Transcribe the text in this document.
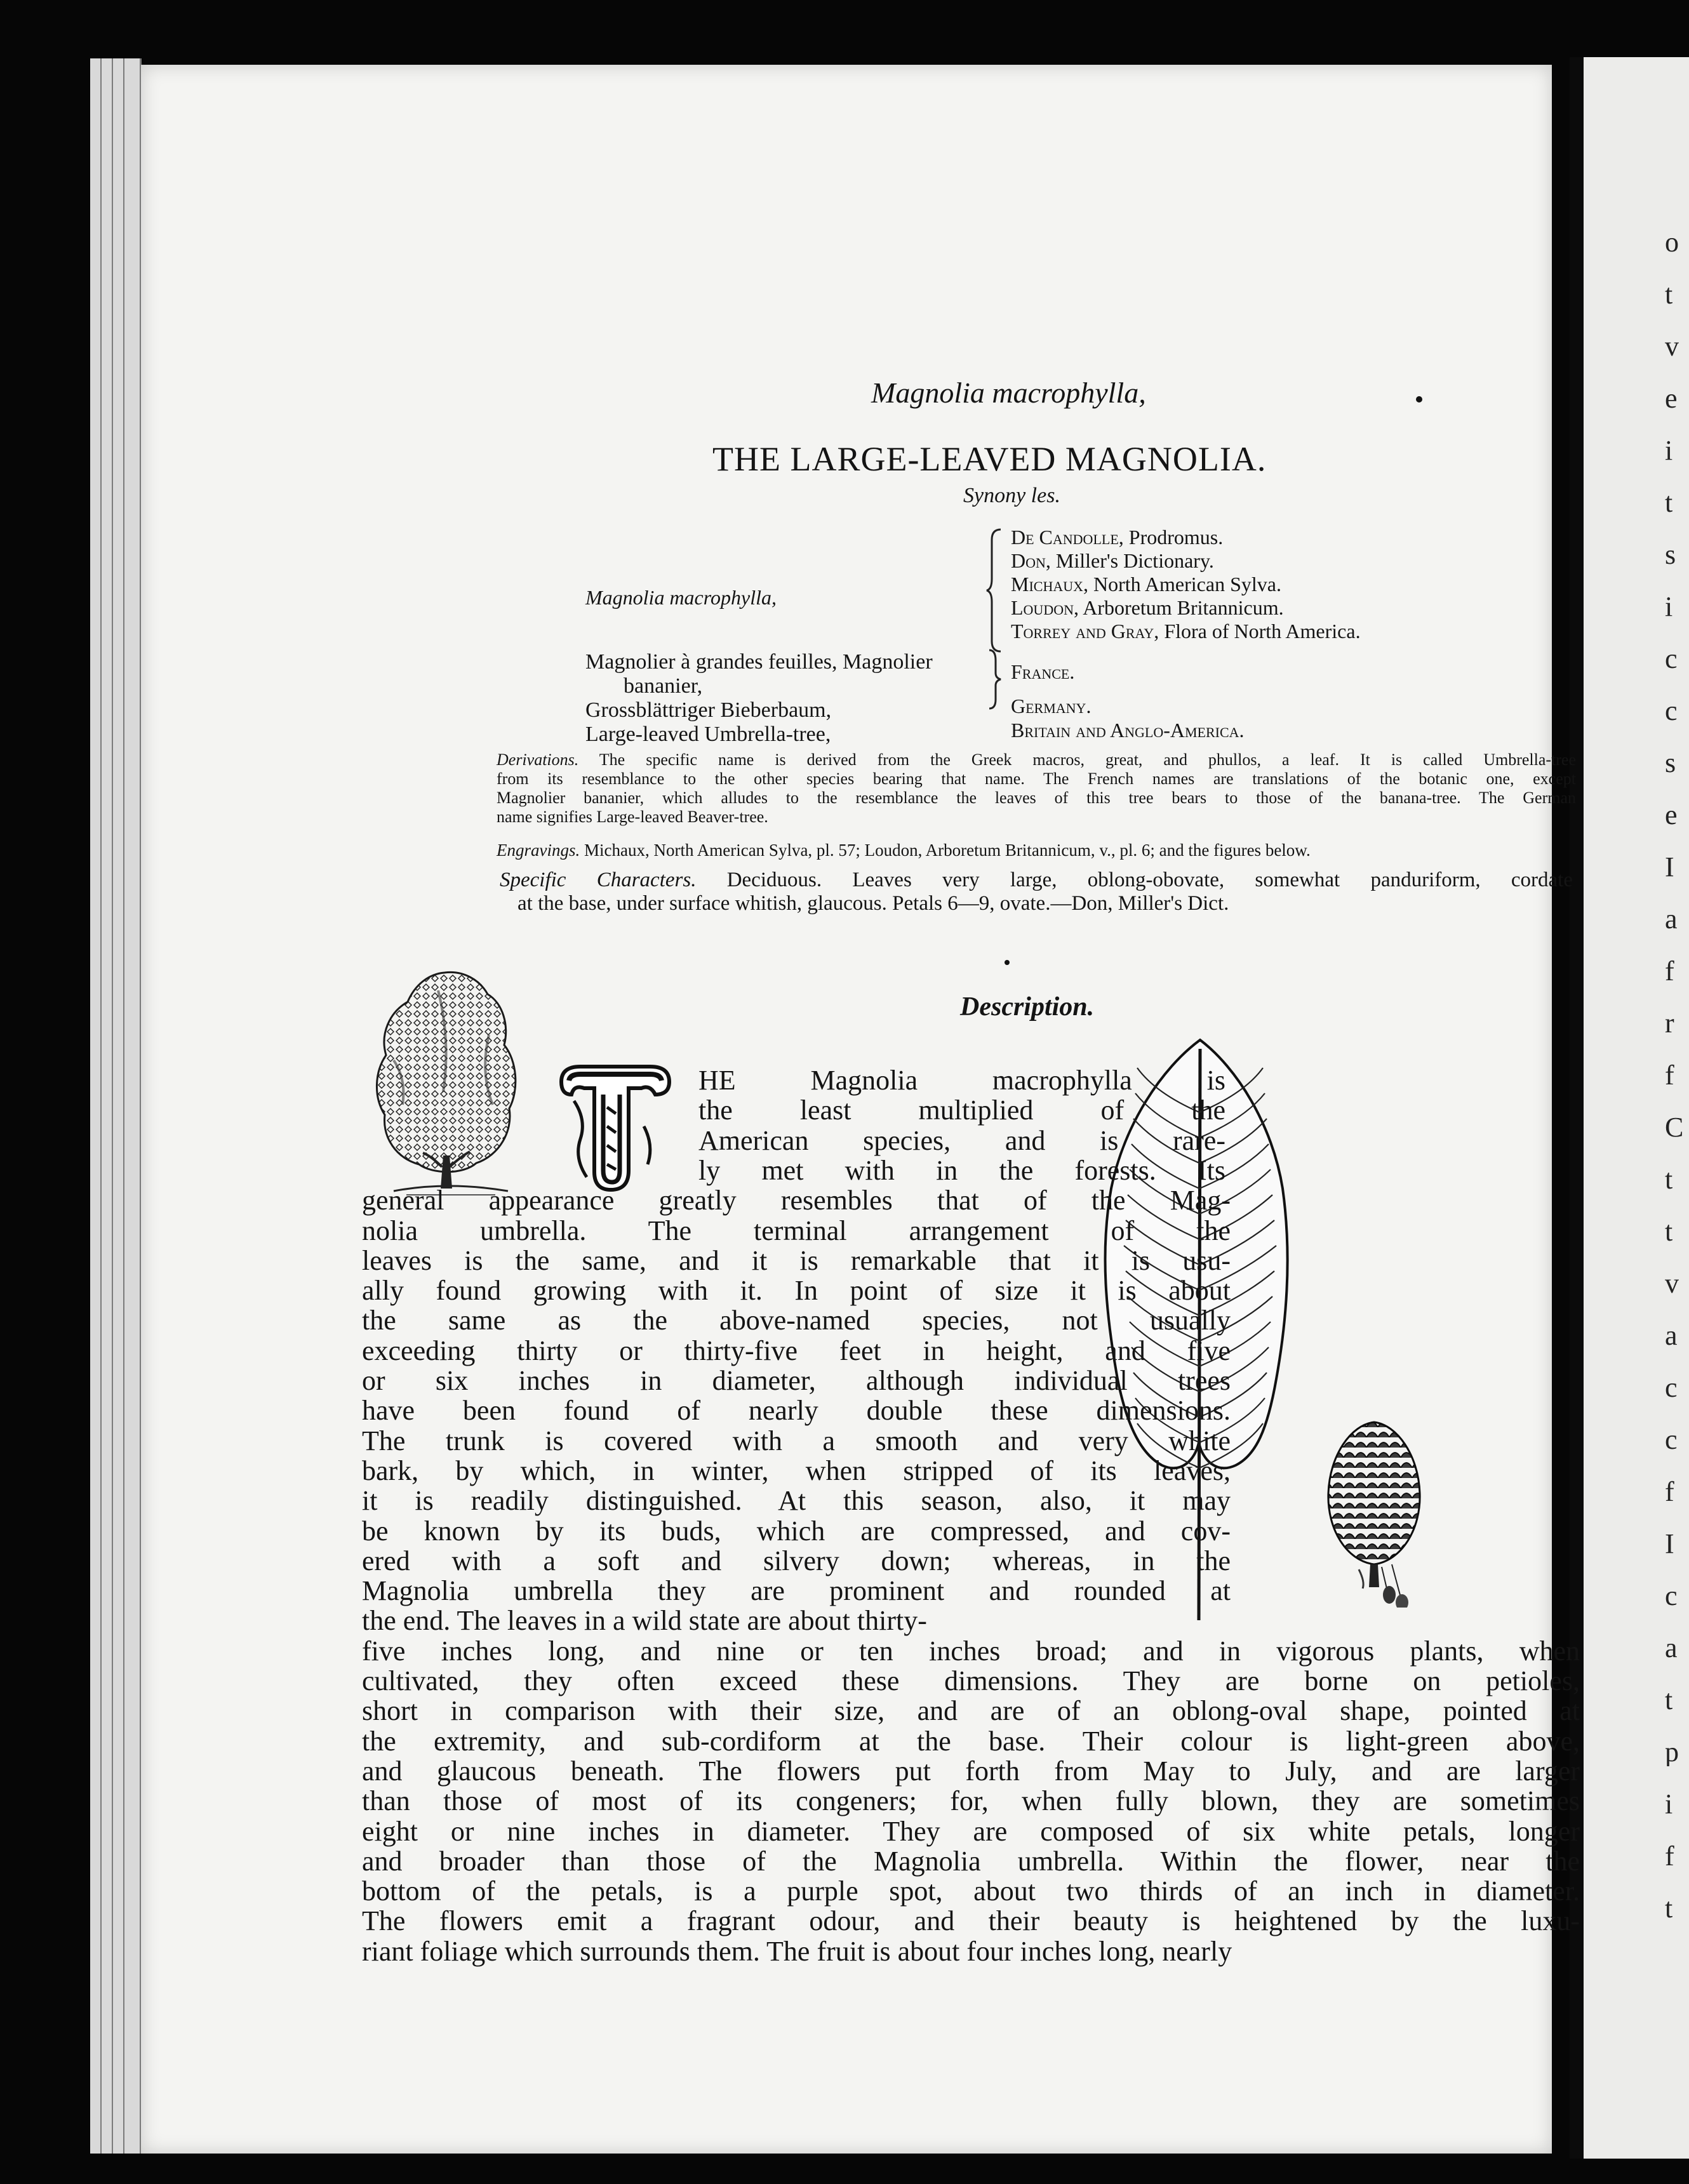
o
t
v
e
i
t
s
i
c
c
s
e
I
a
f
r
f
C
t
t
v
a
c
c
f
I
c
a
t
p
i
f
t
Magnolia macrophylla,
THE LARGE-LEAVED MAGNOLIA.
Synony les.
Magnolia macrophylla,
Magnolier à grandes feuilles, Magnolier
bananier,
Grossblättriger Bieberbaum,
Large-leaved Umbrella-tree,
De Candolle, Prodromus.
Don, Miller's Dictionary.
Michaux, North American Sylva.
Loudon, Arboretum Britannicum.
Torrey and Gray, Flora of North America.
France.
Germany.
Britain and Anglo-America.

Derivations. The specific name is derived from the Greek macros, great, and phullos, a leaf. It is called Umbrella-tree

from its resemblance to the other species bearing that name. The French names are translations of the botanic one, except

Magnolier bananier, which alludes to the resemblance the leaves of this tree bears to those of the banana-tree. The German

name signifies Large-leaved Beaver-tree.

Engravings. Michaux, North American Sylva, pl. 57; Loudon, Arboretum Britannicum, v., pl. 6; and the figures below.

Specific Characters. Deciduous. Leaves very large, oblong-obovate, somewhat panduriform, cordate
at the base, under surface whitish, glaucous. Petals 6—9, ovate.—Don, Miller's Dict.
Description.
HE Magnolia macrophylla is
the least multiplied of the
American species, and is rare-
ly met with in the forests. Its
general appearance greatly resembles that of the Mag-
nolia umbrella. The terminal arrangement of the
leaves is the same, and it is remarkable that it is usu-
ally found growing with it. In point of size it is about
the same as the above-named species, not usually
exceeding thirty or thirty-five feet in height, and five
or six inches in diameter, although individual trees
have been found of nearly double these dimensions.
The trunk is covered with a smooth and very white
bark, by which, in winter, when stripped of its leaves,
it is readily distinguished. At this season, also, it may
be known by its buds, which are compressed, and cov-
ered with a soft and silvery down; whereas, in the
Magnolia umbrella they are prominent and rounded at
the end. The leaves in a wild state are about thirty-
five inches long, and nine or ten inches broad; and in vigorous plants, when
cultivated, they often exceed these dimensions. They are borne on petioles,
short in comparison with their size, and are of an oblong-oval shape, pointed at
the extremity, and sub-cordiform at the base. Their colour is light-green above,
and glaucous beneath. The flowers put forth from May to July, and are larger
than those of most of its congeners; for, when fully blown, they are sometimes
eight or nine inches in diameter. They are composed of six white petals, longer
and broader than those of the Magnolia umbrella. Within the flower, near the
bottom of the petals, is a purple spot, about two thirds of an inch in diameter.
The flowers emit a fragrant odour, and their beauty is heightened by the luxu-
riant foliage which surrounds them. The fruit is about four inches long, nearly
